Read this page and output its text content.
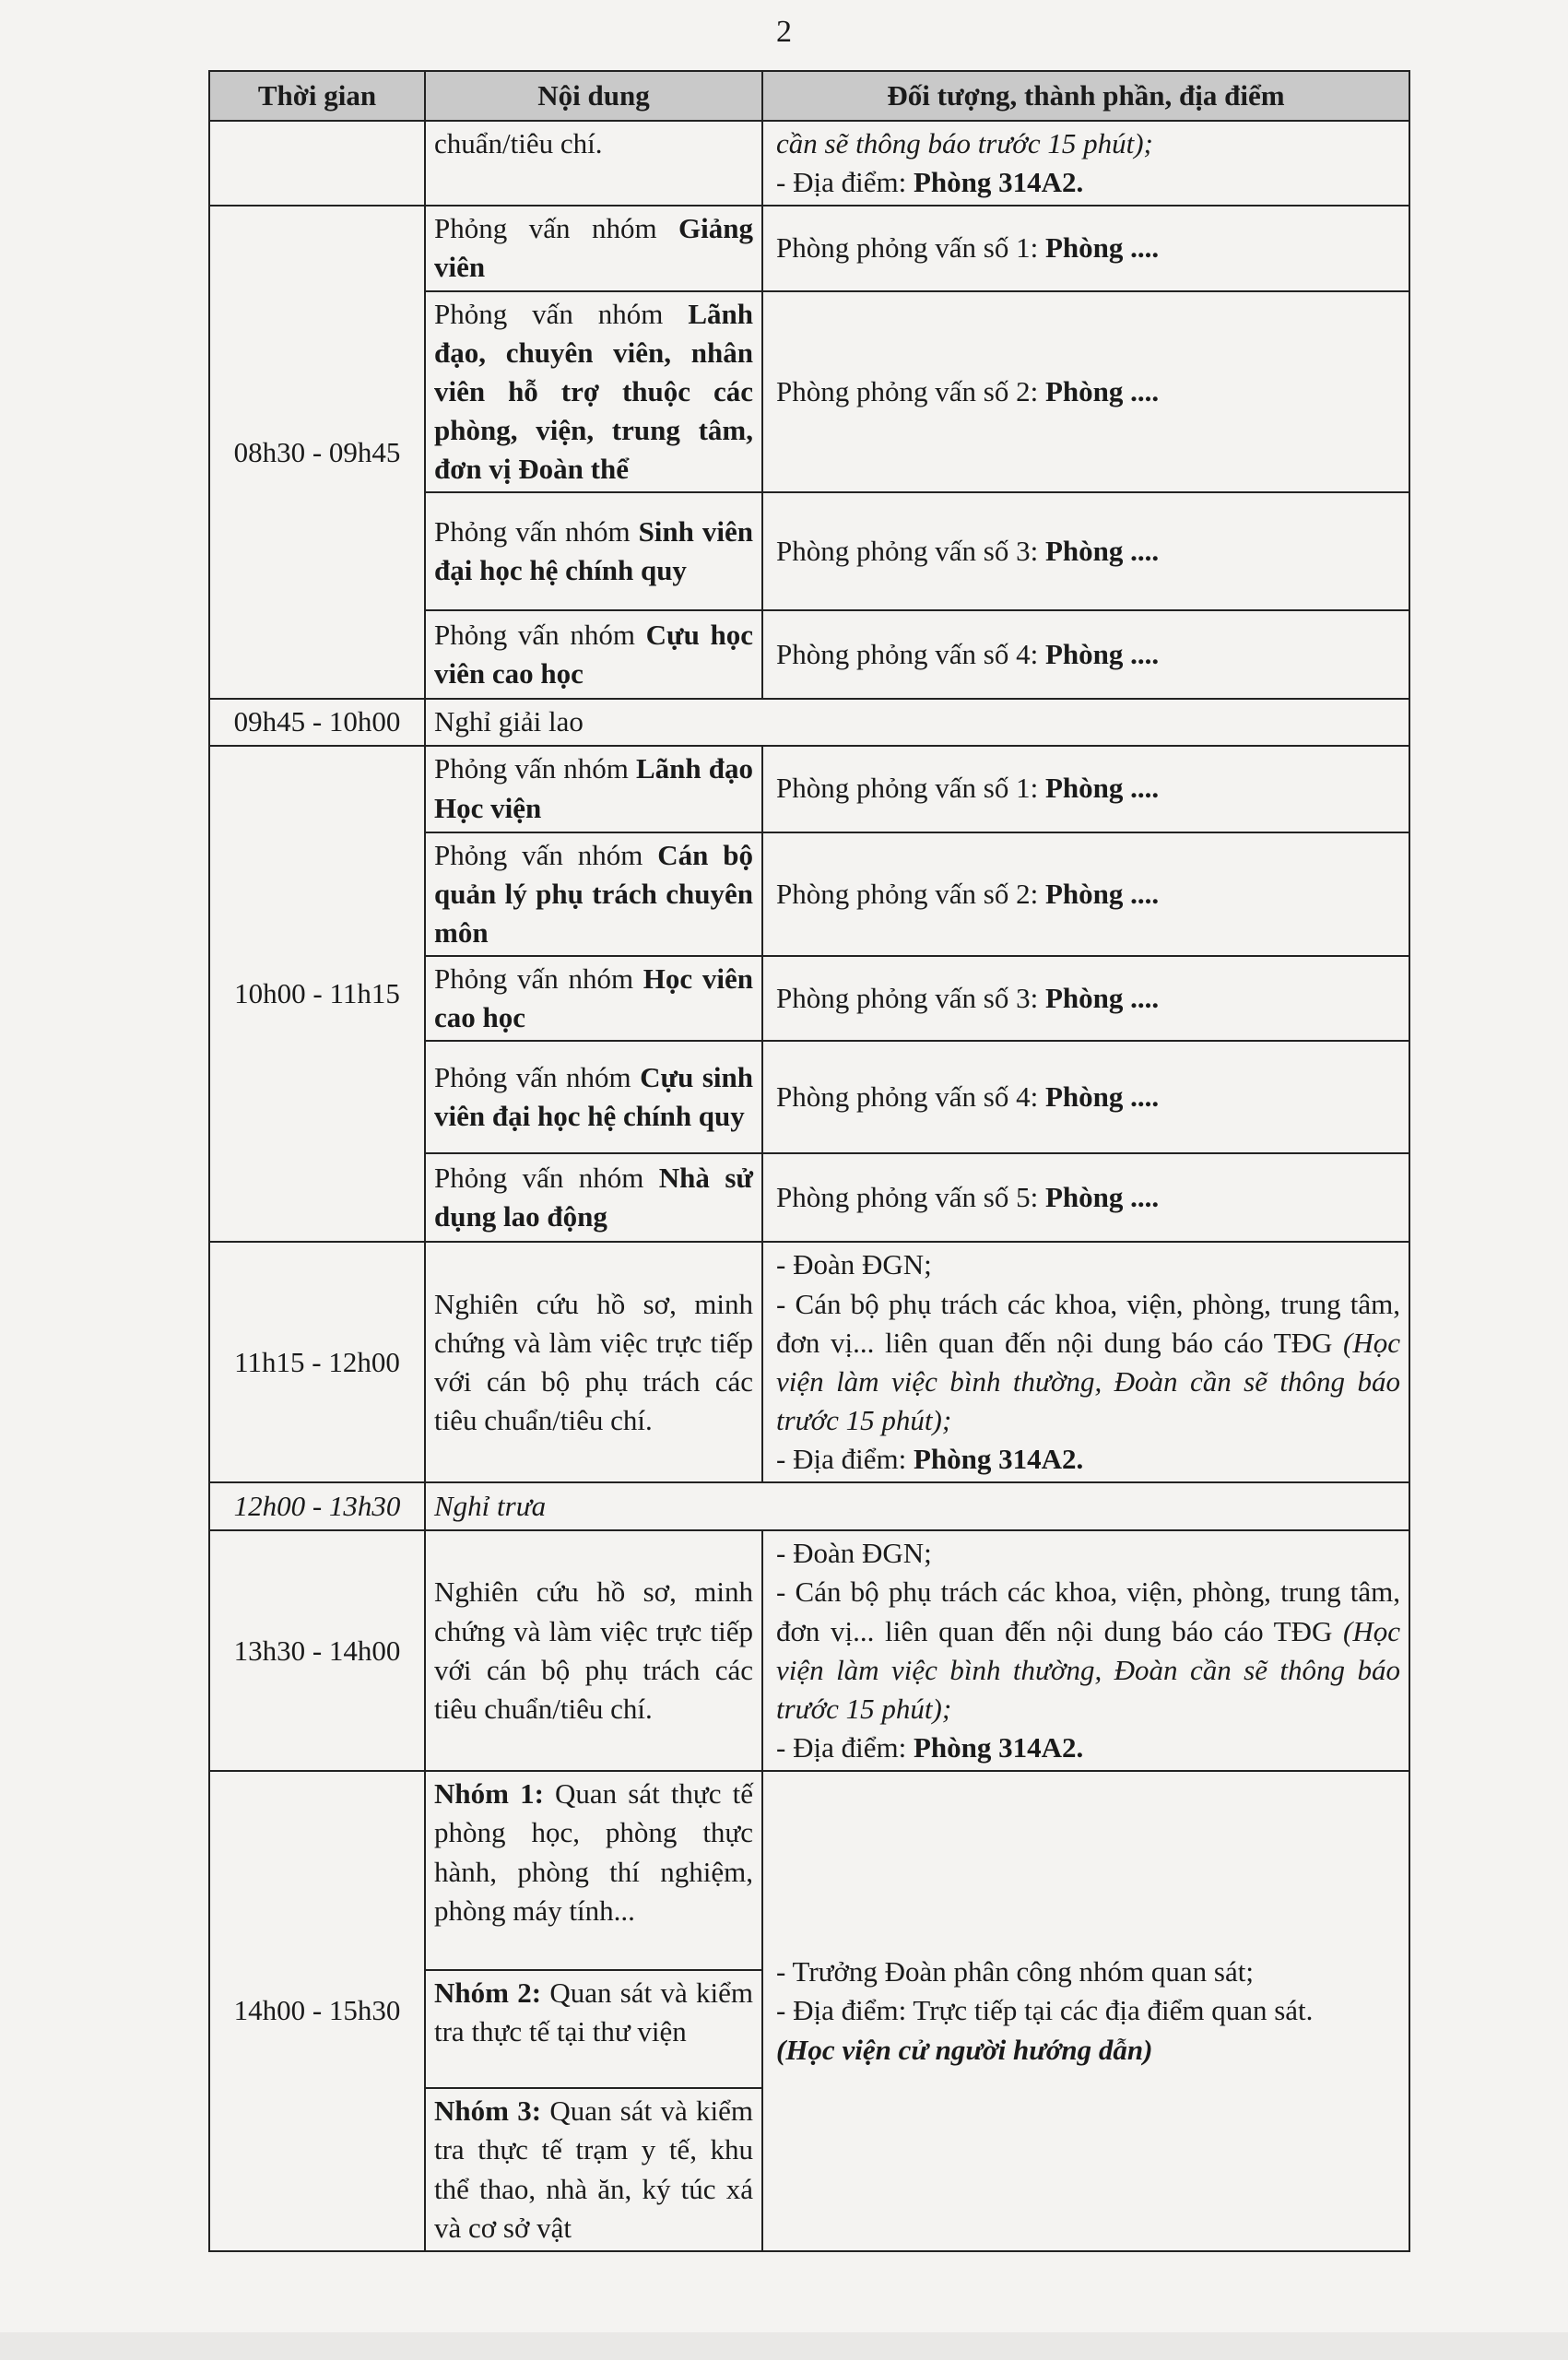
2
Thời gian	Nội dung	Đối tượng, thành phần, địa điểm
	chuẩn/tiêu chí.	cần sẽ thông báo trước 15 phút);
- Địa điểm: Phòng 314A2.

08h30 - 09h45	Phỏng vấn nhóm Giảng viên	Phòng phỏng vấn số 1: Phòng ....
	Phỏng vấn nhóm Lãnh đạo, chuyên viên, nhân viên hỗ trợ thuộc các phòng, viện, trung tâm, đơn vị Đoàn thể	Phòng phỏng vấn số 2: Phòng ....
	Phỏng vấn nhóm Sinh viên đại học hệ chính quy	Phòng phỏng vấn số 3: Phòng ....
	Phỏng vấn nhóm Cựu học viên cao học	Phòng phỏng vấn số 4: Phòng ....
09h45 - 10h00	Nghỉ giải lao	
10h00 - 11h15	Phỏng vấn nhóm Lãnh đạo Học viện	Phòng phỏng vấn số 1: Phòng ....
	Phỏng vấn nhóm Cán bộ quản lý phụ trách chuyên môn	Phòng phỏng vấn số 2: Phòng ....
	Phỏng vấn nhóm Học viên cao học	Phòng phỏng vấn số 3: Phòng ....
	Phỏng vấn nhóm Cựu sinh viên đại học hệ chính quy	Phòng phỏng vấn số 4: Phòng ....
	Phỏng vấn nhóm Nhà sử dụng lao động	Phòng phỏng vấn số 5: Phòng ....
11h15 - 12h00	Nghiên cứu hồ sơ, minh chứng và làm việc trực tiếp với cán bộ phụ trách các tiêu chuẩn/tiêu chí.	- Đoàn ĐGN;
- Cán bộ phụ trách các khoa, viện, phòng, trung tâm, đơn vị... liên quan đến nội dung báo cáo TĐG (Học viện làm việc bình thường, Đoàn cần sẽ thông báo trước 15 phút);
- Địa điểm: Phòng 314A2.

12h00 - 13h30	Nghỉ trưa	
13h30 - 14h00	Nghiên cứu hồ sơ, minh chứng và làm việc trực tiếp với cán bộ phụ trách các tiêu chuẩn/tiêu chí.	- Đoàn ĐGN;
- Cán bộ phụ trách các khoa, viện, phòng, trung tâm, đơn vị... liên quan đến nội dung báo cáo TĐG (Học viện làm việc bình thường, Đoàn cần sẽ thông báo trước 15 phút);
- Địa điểm: Phòng 314A2.

14h00 - 15h30	Nhóm 1: Quan sát thực tế phòng học, phòng thực hành, phòng thí nghiệm, phòng máy tính...	- Trưởng Đoàn phân công nhóm quan sát;
- Địa điểm: Trực tiếp tại các địa điểm quan sát.
(Học viện cử người hướng dẫn)

	Nhóm 2: Quan sát và kiểm tra thực tế tại thư viện	
	Nhóm 3: Quan sát và kiểm tra thực tế trạm y tế, khu thể thao, nhà ăn, ký túc xá và cơ sở vật	
